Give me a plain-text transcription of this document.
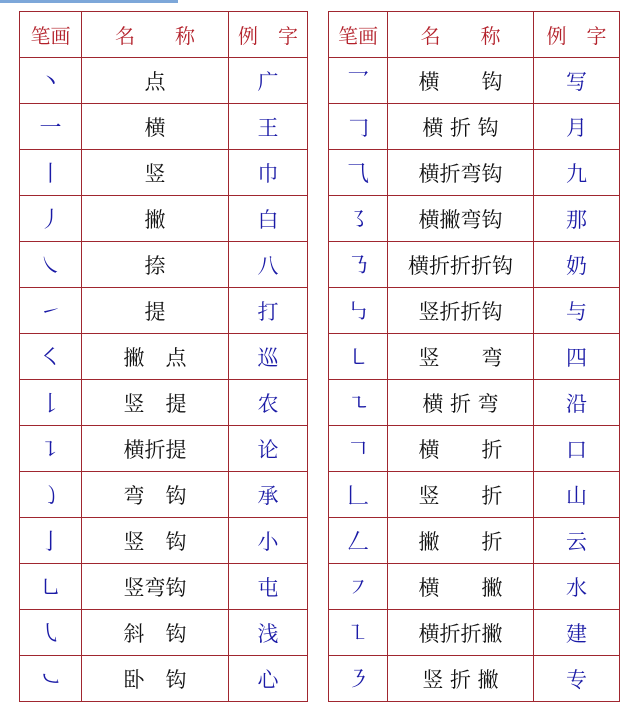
笔画	名　　称	例　字
丶	点	广
一	横	王
丨	竖	巾
丿	撇	白
㇏	捺	八
㇀	提	打
㇛	撇　点	巡
𠄌	竖　提	农
㇊	横折提	论
㇁	弯　钩	承
亅	竖　钩	小
㇟	竖弯钩	屯
㇂	斜　钩	浅
㇃	卧　钩	心
笔画	名　　称	例　字
乛	横　　钩	写
𠃌	横 折 钩	月
⺄	横折弯钩	九
㇌	横撇弯钩	那
㇡	横折折折钩	奶
㇉	竖折折钩	与
㇄	竖　　弯	四
㇍	横 折 弯	沿
𠃍	横　　折	口
𠃊	竖　　折	山
𠃋	撇　　折	云
㇇	横　　撇	水
㇅	横折折撇	建
㇋	竖 折 撇	专
